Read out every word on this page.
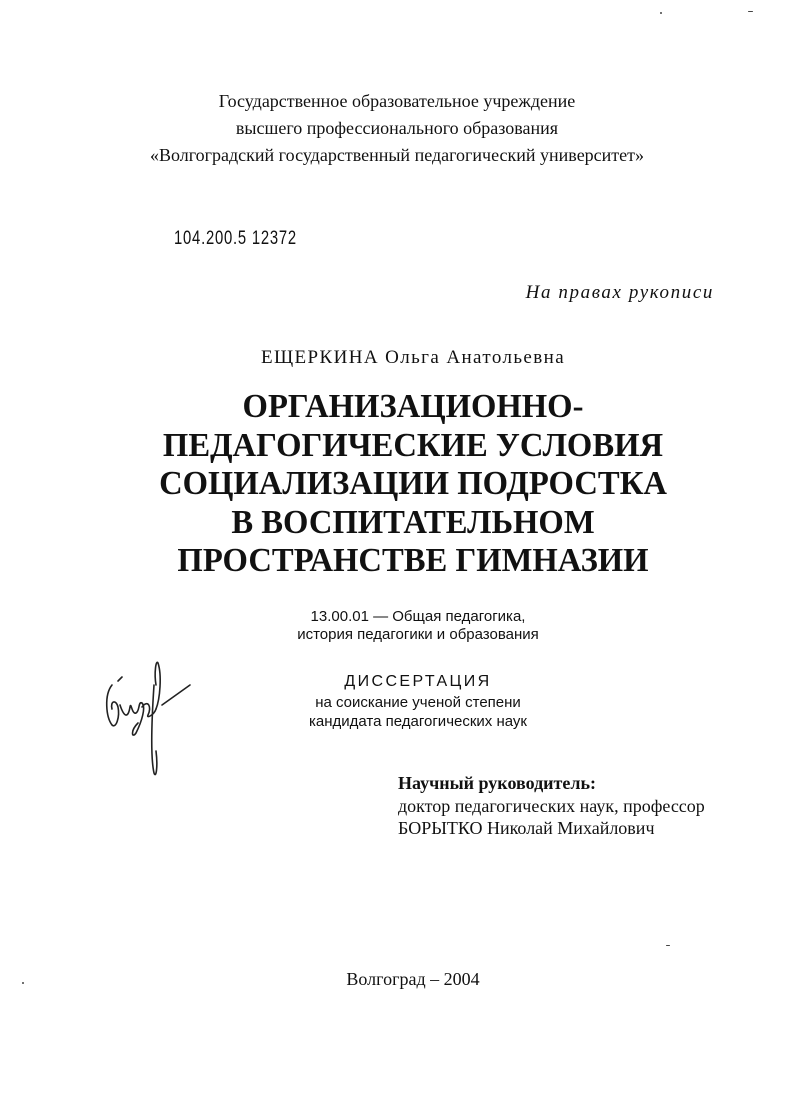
Государственное образовательное учреждение
высшего профессионального образования
«Волгоградский государственный педагогический университет»
104.200.5 12372
На правах рукописи
ЕЩЕРКИНА Ольга Анатольевна
ОРГАНИЗАЦИОННО-
ПЕДАГОГИЧЕСКИЕ УСЛОВИЯ
СОЦИАЛИЗАЦИИ ПОДРОСТКА
В ВОСПИТАТЕЛЬНОМ
ПРОСТРАНСТВЕ ГИМНАЗИИ
13.00.01 — Общая педагогика,
история педагогики и образования
ДИССЕРТАЦИЯ
на соискание ученой степени
кандидата педагогических наук
Научный руководитель:
доктор педагогических наук, профессор
БОРЫТКО Николай Михайлович
Волгоград – 2004
